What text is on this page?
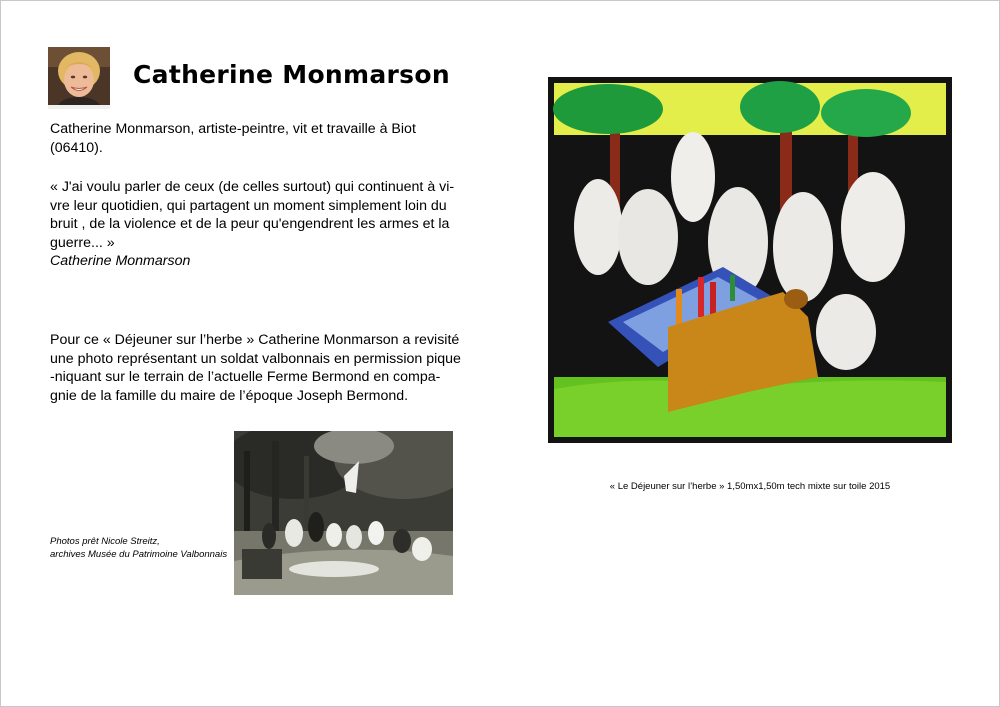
Catherine Monmarson
Catherine Monmarson, artiste-peintre, vit et travaille à Biot
(06410).
« J'ai voulu parler de ceux (de celles surtout) qui continuent à vi-
vre leur quotidien, qui partagent un moment simplement loin du
bruit , de la violence et de la peur qu'engendrent les armes et la
guerre... »
Catherine Monmarson
Pour ce « Déjeuner sur l’herbe » Catherine Monmarson a revisité
une photo représentant un soldat valbonnais en permission pique
-niquant sur le terrain de l’actuelle Ferme Bermond en compa-
gnie de la famille du maire de l’époque Joseph Bermond.
Photos prêt Nicole Streitz,
archives Musée du Patrimoine Valbonnais
« Le Déjeuner sur l’herbe » 1,50mx1,50m tech mixte sur toile 2015
